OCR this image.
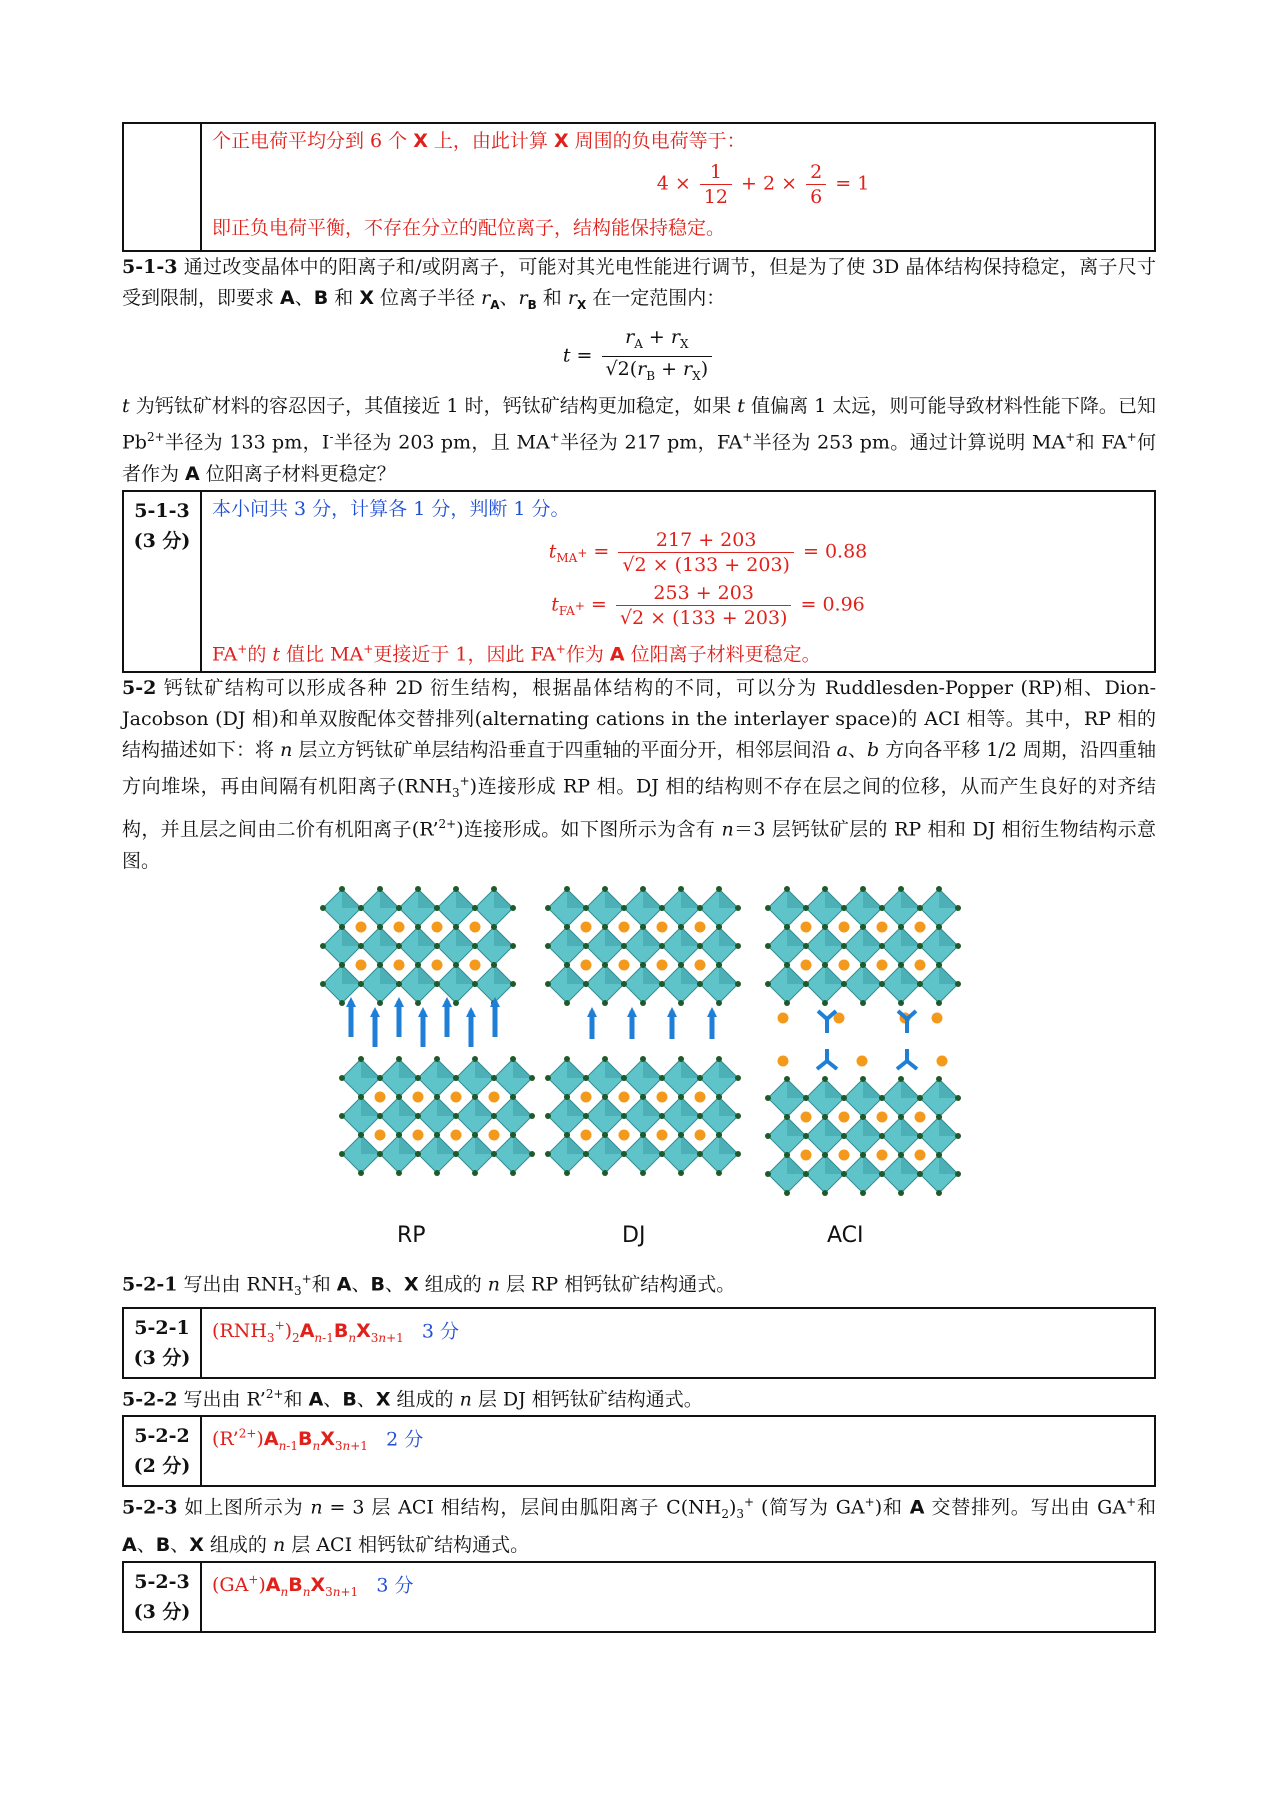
个正电荷平均分到 6 个 X 上，由此计算 X 周围的负电荷等于：
$4 \times \frac{1}{12} + 2 \times \frac{2}{6} = 1$
即正负电荷平衡，不存在分立的配位离子，结构能保持稳定。

5-1-3 通过改变晶体中的阳离子和/或阴离子，可能对其光电性能进行调节，但是为了使 3D 晶体结构保持稳定，离子尺寸受到限制，即要求 A、B 和 X 位离子半径 $r_A$、$r_B$ 和 $r_X$ 在一定范围内：

$t = \frac{r_A + r_X}{√2(r_B + r_X)}$

t 为钙钛矿材料的容忍因子，其值接近 1 时，钙钛矿结构更加稳定，如果 t 值偏离 1 太远，则可能导致材料性能下降。已知 $Pb^{2+}$半径为 133 pm，I-半径为 203 pm，且 MA+半径为 217 pm，FA+半径为 253 pm。通过计算说明 MA+和 FA+何者作为 A 位阳离子材料更稳定？

5-1-3
(3 分)

本小问共 3 分，计算各 1 分，判断 1 分。
$t_{MA^+} = \frac{217 + 203}{√2 \times (133 + 203)} = 0.88$
$t_{FA^+} = \frac{253 + 203}{√2 \times (133 + 203)} = 0.96$
FA+的 t 值比 MA+更接近于 1，因此 FA+作为 A 位阳离子材料更稳定。

5-2 钙钛矿结构可以形成各种 2D 衍生结构，根据晶体结构的不同，可以分为 Ruddlesden-Popper (RP)相、Dion-Jacobson (DJ 相)和单双胺配体交替排列(alternating cations in the interlayer space)的 ACI 相等。其中，RP 相的结构描述如下：将 n 层立方钙钛矿单层结构沿垂直于四重轴的平面分开，相邻层间沿 a、b 方向各平移 1/2 周期，沿四重轴方向堆垛，再由间隔有机阳离子$(RNH_3^+)$连接形成 RP 相。DJ 相的结构则不存在层之间的位移，从而产生良好的对齐结构，并且层之间由二价有机阳离子(R’$^{2+}$)连接形成。如下图所示为含有 n＝3 层钙钛矿层的 RP 相和 DJ 相衍生物结构示意图。

RP	DJ	ACI

5-2-1 写出由 $RNH_3^+$和 A、B、X 组成的 n 层 RP 相钙钛矿结构通式。

5-2-1
(3 分)
	$(RNH_3^+)_2A_{n-1}B_nX_{3n+1}$ 3 分

5-2-2 写出由 R’$^{2+}$和 A、B、X 组成的 n 层 DJ 相钙钛矿结构通式。

5-2-2
(2 分)
	$(R’^{2+})A_{n-1}B_nX_{3n+1}$ 2 分

5-2-3 如上图所示为 n = 3 层 ACI 相结构，层间由胍阳离子 $C(NH_2)_3^+$ (简写为 GA+)和 A 交替排列。写出由 GA+和 A、B、X 组成的 n 层 ACI 相钙钛矿结构通式。

5-2-3
(3 分)
	$(GA^+)A_nB_nX_{3n+1}$ 3 分
